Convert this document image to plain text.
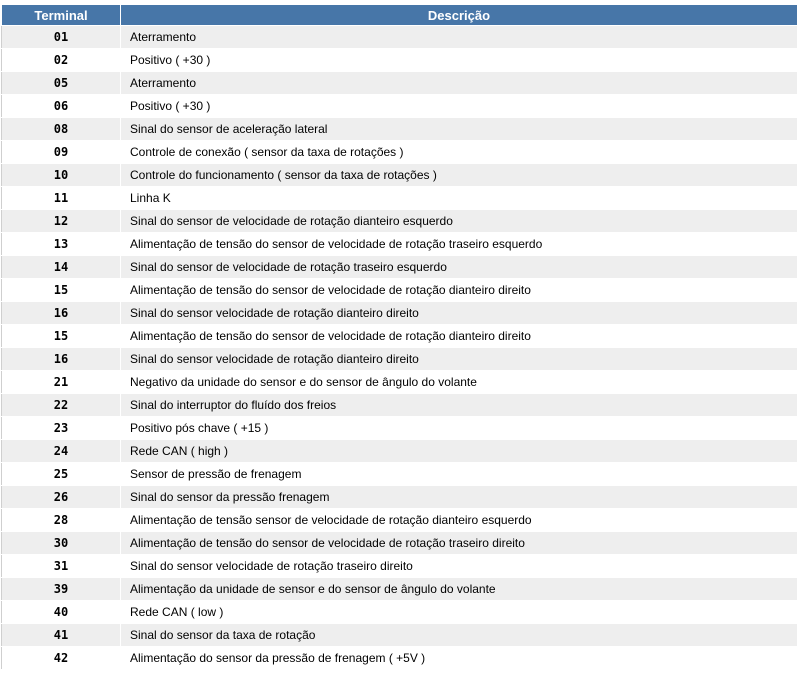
Terminal	Descrição
01	Aterramento
02	Positivo ( +30 )
05	Aterramento
06	Positivo ( +30 )
08	Sinal do sensor de aceleração lateral
09	Controle de conexão ( sensor da taxa de rotações )
10	Controle do funcionamento ( sensor da taxa de rotações )
11	Linha K
12	Sinal do sensor de velocidade de rotação dianteiro esquerdo
13	Alimentação de tensão do sensor de velocidade de rotação traseiro esquerdo
14	Sinal do sensor de velocidade de rotação traseiro esquerdo
15	Alimentação de tensão do sensor de velocidade de rotação dianteiro direito
16	Sinal do sensor velocidade de rotação dianteiro direito
15	Alimentação de tensão do sensor de velocidade de rotação dianteiro direito
16	Sinal do sensor velocidade de rotação dianteiro direito
21	Negativo da unidade do sensor e do sensor de ângulo do volante
22	Sinal do interruptor do fluído dos freios
23	Positivo pós chave ( +15 )
24	Rede CAN ( high )
25	Sensor de pressão de frenagem
26	Sinal do sensor da pressão frenagem
28	Alimentação de tensão sensor de velocidade de rotação dianteiro esquerdo
30	Alimentação de tensão do sensor de velocidade de rotação traseiro direito
31	Sinal do sensor velocidade de rotação traseiro direito
39	Alimentação da unidade de sensor e do sensor de ângulo do volante
40	Rede CAN ( low )
41	Sinal do sensor da taxa de rotação
42	Alimentação do sensor da pressão de frenagem ( +5V )
